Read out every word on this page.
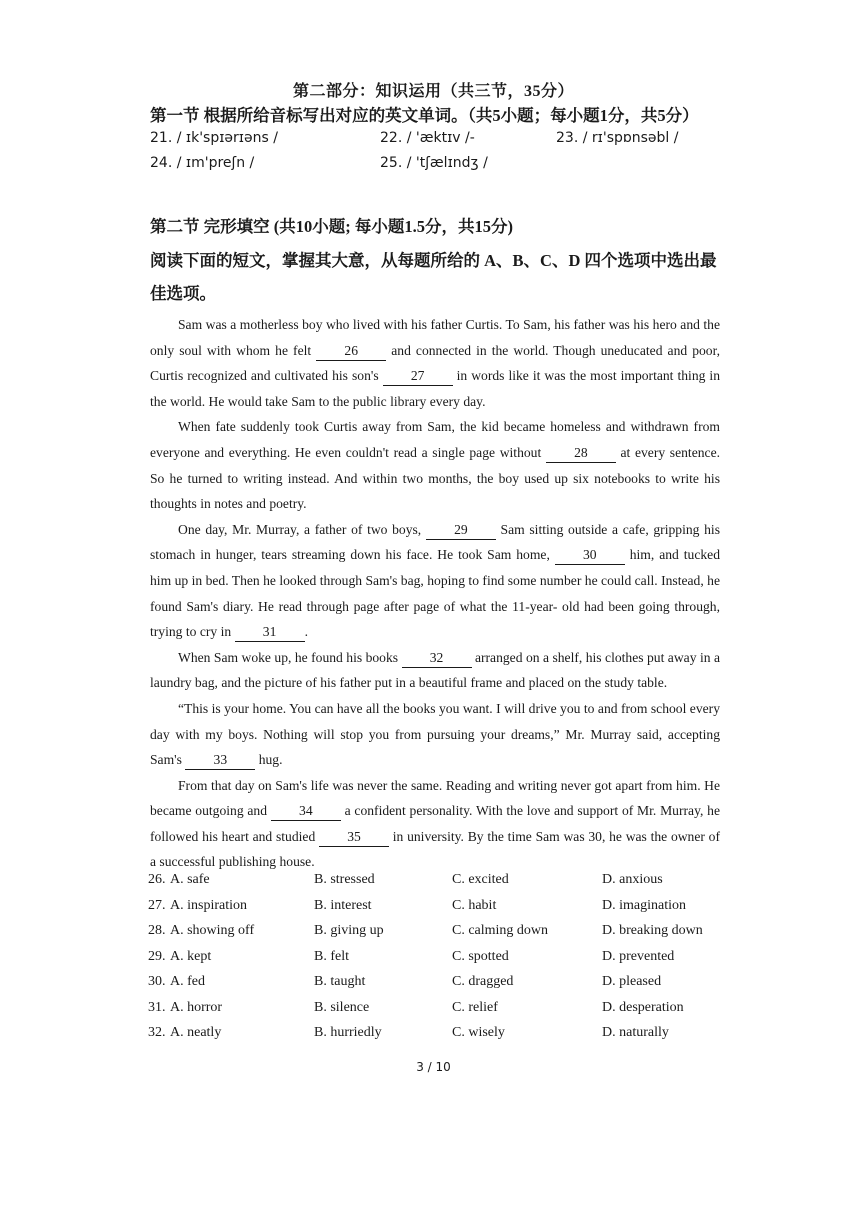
第二部分：知识运用（共三节，35分）
第一节 根据所给音标写出对应的英文单词。（共5小题；每小题1分，共5分）
21. / ɪk'spɪərɪəns /	22. / 'æktɪv /-	23. / rɪ'spɒnsəbl /
24. / ɪm'preʃn /	25. / 'tʃælɪndʒ /
第二节 完形填空 (共10小题; 每小题1.5分，共15分)
阅读下面的短文，掌握其大意，从每题所给的 A、B、C、D 四个选项中选出最佳选项。

Sam was a motherless boy who lived with his father Curtis. To Sam, his father was his hero and the only soul with whom he felt 26 and connected in the world. Though uneducated and poor, Curtis recognized and cultivated his son's 27 in words like it was the most important thing in the world. He would take Sam to the public library every day.

When fate suddenly took Curtis away from Sam, the kid became homeless and withdrawn from everyone and everything. He even couldn't read a single page without 28 at every sentence. So he turned to writing instead. And within two months, the boy used up six notebooks to write his thoughts in notes and poetry.

One day, Mr. Murray, a father of two boys, 29 Sam sitting outside a cafe, gripping his stomach in hunger, tears streaming down his face. He took Sam home, 30 him, and tucked him up in bed. Then he looked through Sam's bag, hoping to find some number he could call. Instead, he found Sam's diary. He read through page after page of what the 11-year- old had been going through, trying to cry in 31 .

When Sam woke up, he found his books 32 arranged on a shelf, his clothes put away in a laundry bag, and the picture of his father put in a beautiful frame and placed on the study table.

“This is your home. You can have all the books you want. I will drive you to and from school every day with my boys. Nothing will stop you from pursuing your dreams,” Mr. Murray said, accepting Sam's 33 hug.

From that day on Sam's life was never the same. Reading and writing never got apart from him. He became outgoing and 34 a confident personality. With the love and support of Mr. Murray, he followed his heart and studied 35 in university. By the time Sam was 30, he was the owner of a successful publishing house.

26. A. safe	B. stressed	C. excited	D. anxious
27. A. inspiration	B. interest	C. habit	D. imagination
28. A. showing off	B. giving up	C. calming down	D. breaking down
29. A. kept	B. felt	C. spotted	D. prevented
30. A. fed	B. taught	C. dragged	D. pleased
31. A. horror	B. silence	C. relief	D. desperation
32. A. neatly	B. hurriedly	C. wisely	D. naturally
3 / 10
